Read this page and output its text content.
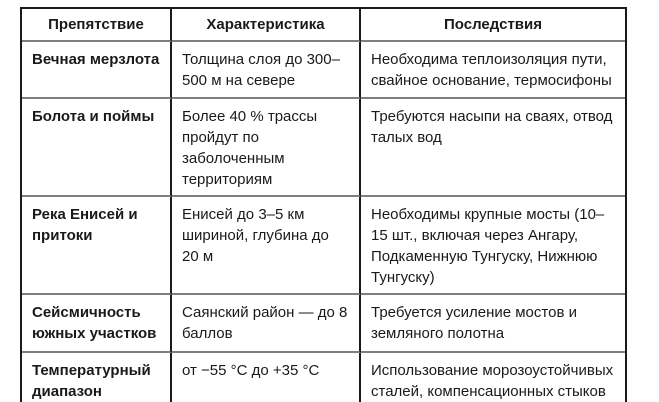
Препятствие	Характеристика	Последствия
Вечная мерзлота	Толщина слоя до 300–500 м на севере	Необходима теплоизоляция пути, свайное основание, термосифоны
Болота и поймы	Более 40 % трассы пройдут по заболоченным территориям	Требуются насыпи на сваях, отвод талых вод
Река Енисей и притоки	Енисей до 3–5 км шириной, глубина до 20 м	Необходимы крупные мосты (10–15 шт., включая через Ангару, Подкаменную Тунгуску, Нижнюю Тунгуску)
Сейсмичность южных участков	Саянский район — до 8 баллов	Требуется усиление мостов и земляного полотна
Температурный диапазон	от −55 °C до +35 °C	Использование морозоустойчивых сталей, компенсационных стыков
